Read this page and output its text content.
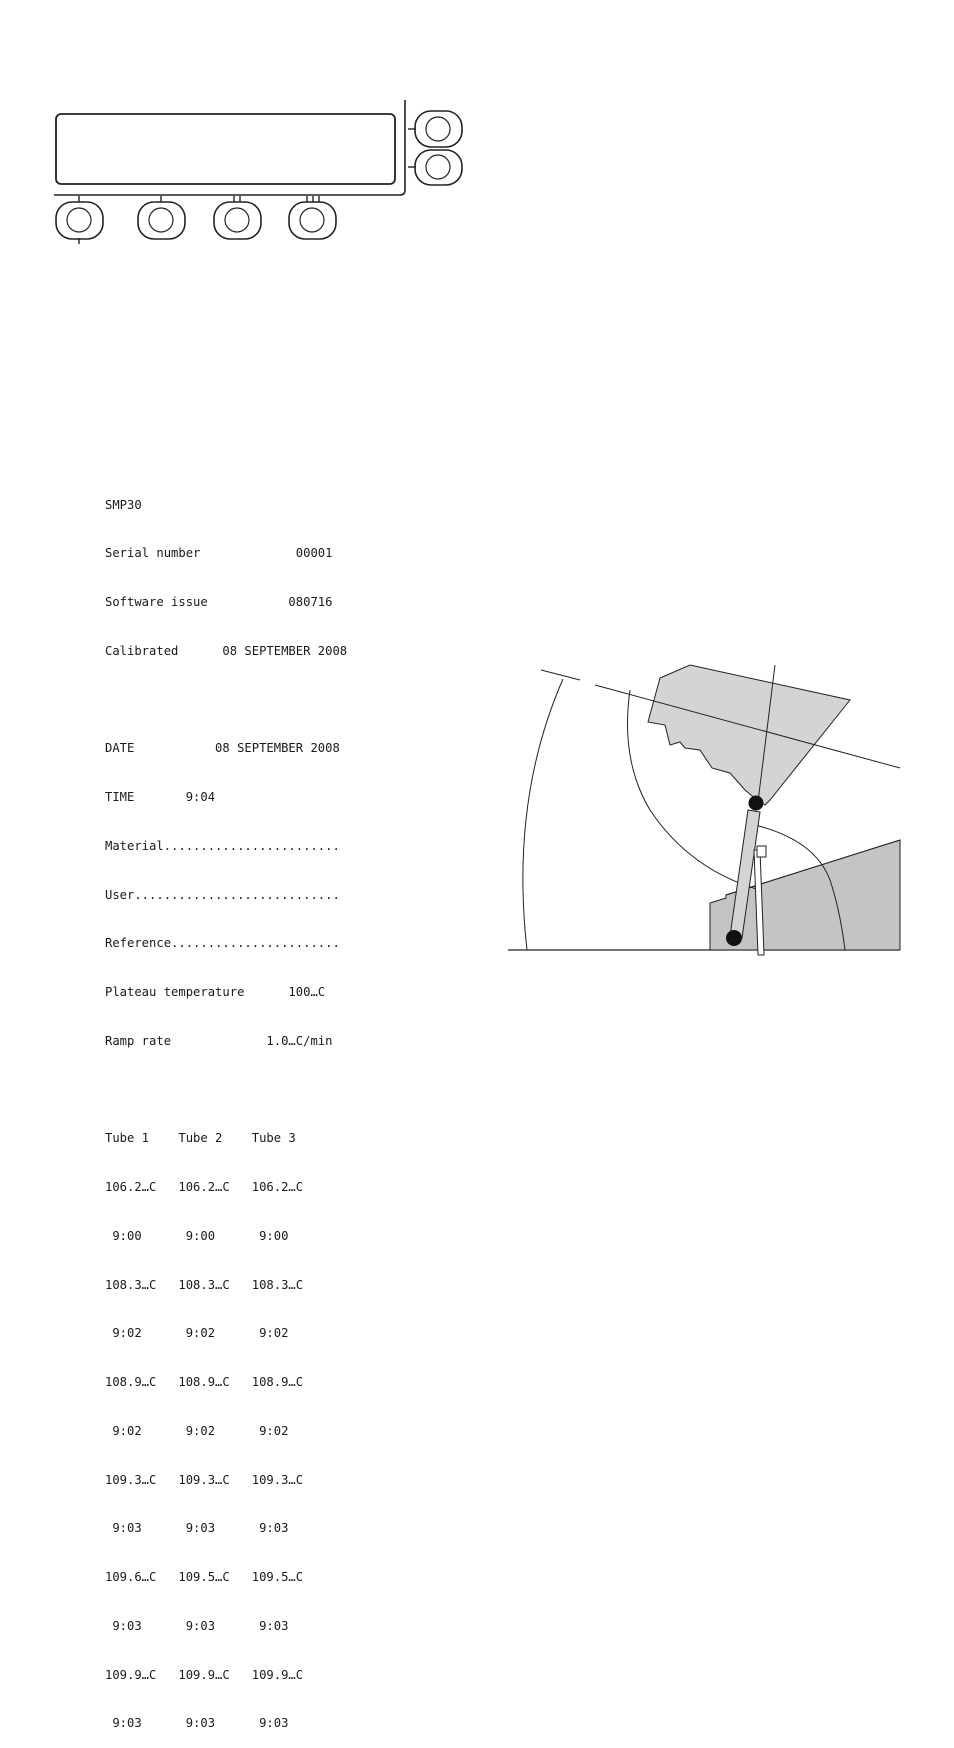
SMP30

Serial number             00001

Software issue           080716

Calibrated      08 SEPTEMBER 2008

DATE           08 SEPTEMBER 2008

TIME       9:04

Material........................

User............................

Reference.......................

Plateau temperature      100…C

Ramp rate             1.0…C/min

Tube 1    Tube 2    Tube 3

106.2…C   106.2…C   106.2…C

9:00      9:00      9:00

108.3…C   108.3…C   108.3…C

9:02      9:02      9:02

108.9…C   108.9…C   108.9…C

9:02      9:02      9:02

109.3…C   109.3…C   109.3…C

9:03      9:03      9:03

109.6…C   109.5…C   109.5…C

9:03      9:03      9:03

109.9…C   109.9…C   109.9…C

9:03      9:03      9:03
